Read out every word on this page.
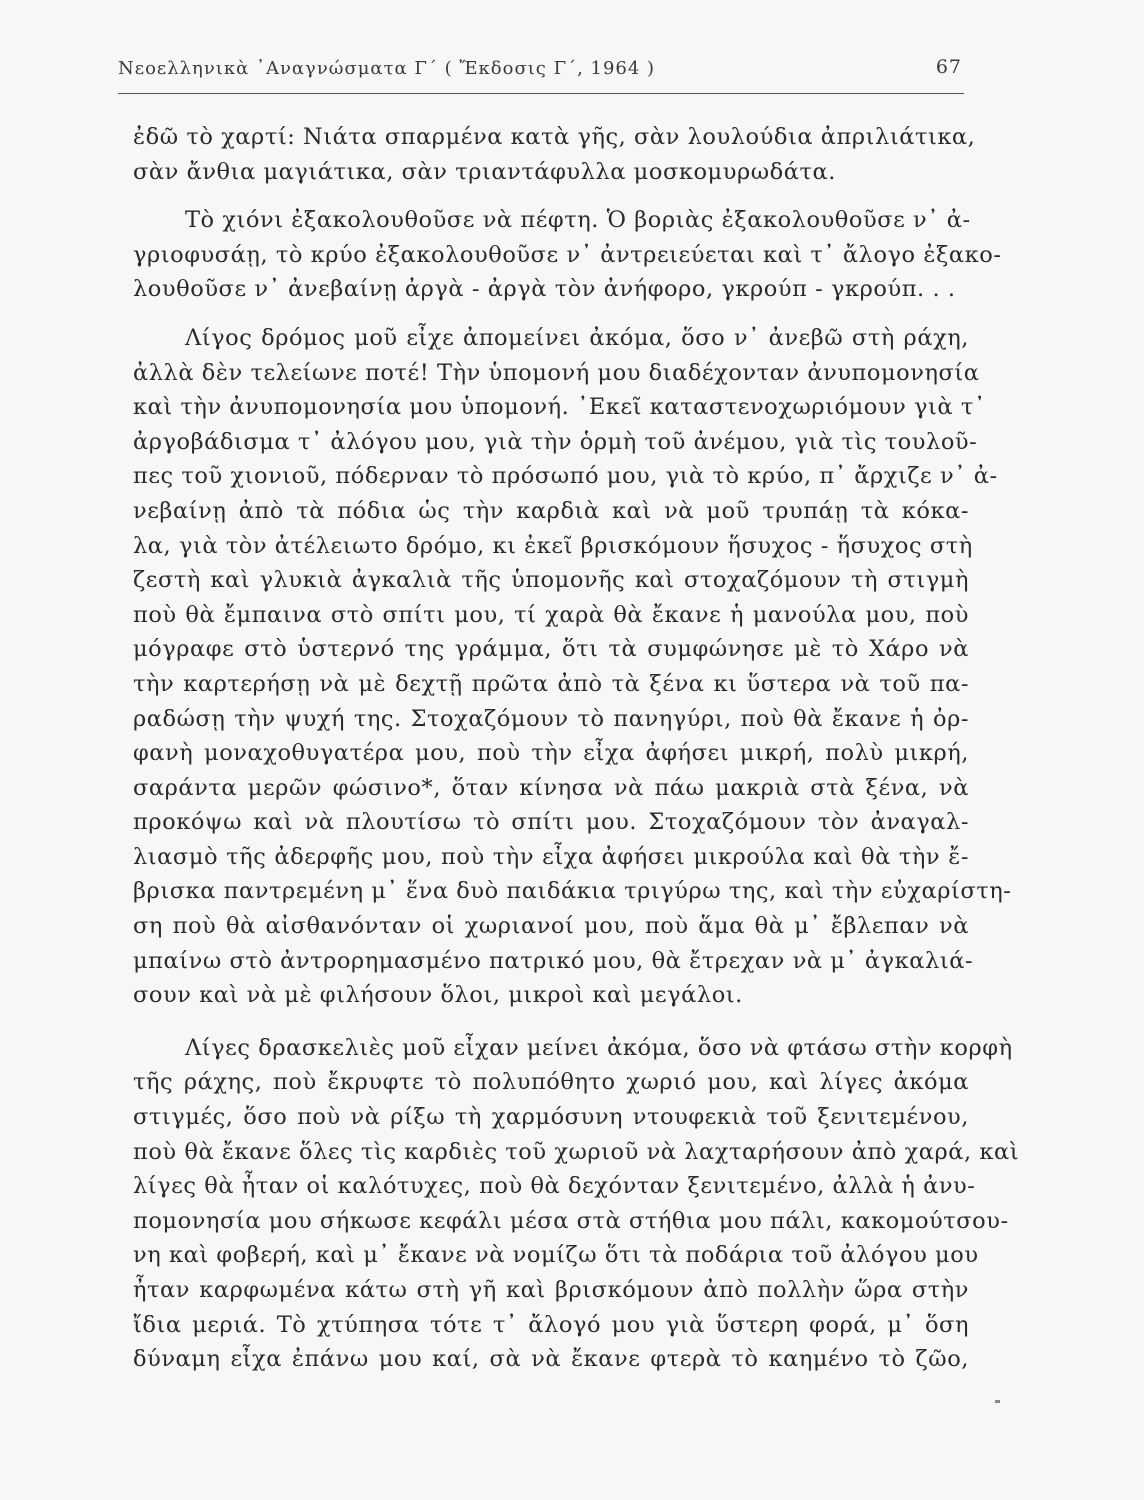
Νεοελληνικὰ ᾿Αναγνώσματα Γ΄ ( Ἔκδοσις Γ΄, 1964 )	67
ἐδῶ τὸ χαρτί: Νιάτα σπαρμένα κατὰ γῆς, σὰν λουλούδια ἀπριλιάτικα,
σὰν ἄνθια μαγιάτικα, σὰν τριαντάφυλλα μοσκομυρωδάτα.
Τὸ χιόνι ἐξακολουθοῦσε νὰ πέφτη. Ὁ βοριὰς ἐξακολουθοῦσε ν᾿ ἀ-
γριοφυσάῃ, τὸ κρύο ἐξακολουθοῦσε ν᾿ ἀντρειεύεται καὶ τ᾿ ἄλογο ἐξακο-
λουθοῦσε ν᾿ ἀνεβαίνῃ ἀργὰ - ἀργὰ τὸν ἀνήφορο, γκρούπ - γκρούπ. . .
Λίγος δρόμος μοῦ εἶχε ἀπομείνει ἀκόμα, ὅσο ν᾿ ἀνεβῶ στὴ ράχη,
ἀλλὰ δὲν τελείωνε ποτέ! Τὴν ὑπομονή μου διαδέχονταν ἀνυπομονησία
καὶ τὴν ἀνυπομονησία μου ὑπομονή. ᾿Εκεῖ καταστενοχωριόμουν γιὰ τ᾿
ἀργοβάδισμα τ᾿ ἀλόγου μου, γιὰ τὴν ὁρμὴ τοῦ ἀνέμου, γιὰ τὶς τουλοῦ-
πες τοῦ χιονιοῦ, πόδερναν τὸ πρόσωπό μου, γιὰ τὸ κρύο, π᾿ ἄρχιζε ν᾿ ἀ-
νεβαίνῃ ἀπὸ τὰ πόδια ὡς τὴν καρδιὰ καὶ νὰ μοῦ τρυπάῃ τὰ κόκα-
λα, γιὰ τὸν ἀτέλειωτο δρόμο, κι ἐκεῖ βρισκόμουν ἥσυχος - ἥσυχος στὴ
ζεστὴ καὶ γλυκιὰ ἀγκαλιὰ τῆς ὑπομονῆς καὶ στοχαζόμουν τὴ στιγμὴ
ποὺ θὰ ἔμπαινα στὸ σπίτι μου, τί χαρὰ θὰ ἔκανε ἡ μανούλα μου, ποὺ
μόγραφε στὸ ὑστερνό της γράμμα, ὅτι τὰ συμφώνησε μὲ τὸ Χάρο νὰ
τὴν καρτερήσῃ νὰ μὲ δεχτῇ πρῶτα ἀπὸ τὰ ξένα κι ὕστερα νὰ τοῦ πα-
ραδώσῃ τὴν ψυχή της. Στοχαζόμουν τὸ πανηγύρι, ποὺ θὰ ἔκανε ἡ ὀρ-
φανὴ μοναχοθυγατέρα μου, ποὺ τὴν εἶχα ἀφήσει μικρή, πολὺ μικρή,
σαράντα μερῶν φώσινο*, ὅταν κίνησα νὰ πάω μακριὰ στὰ ξένα, νὰ
προκόψω καὶ νὰ πλουτίσω τὸ σπίτι μου. Στοχαζόμουν τὸν ἀναγαλ-
λιασμὸ τῆς ἀδερφῆς μου, ποὺ τὴν εἶχα ἀφήσει μικρούλα καὶ θὰ τὴν ἔ-
βρισκα παντρεμένη μ᾿ ἕνα δυὸ παιδάκια τριγύρω της, καὶ τὴν εὐχαρίστη-
ση ποὺ θὰ αἰσθανόνταν οἱ χωριανοί μου, ποὺ ἅμα θὰ μ᾿ ἔβλεπαν νὰ
μπαίνω στὸ ἀντρορημασμένο πατρικό μου, θὰ ἔτρεχαν νὰ μ᾿ ἀγκαλιά-
σουν καὶ νὰ μὲ φιλήσουν ὅλοι, μικροὶ καὶ μεγάλοι.
Λίγες δρασκελιὲς μοῦ εἶχαν μείνει ἀκόμα, ὅσο νὰ φτάσω στὴν κορφὴ
τῆς ράχης, ποὺ ἔκρυφτε τὸ πολυπόθητο χωριό μου, καὶ λίγες ἀκόμα
στιγμές, ὅσο ποὺ νὰ ρίξω τὴ χαρμόσυνη ντουφεκιὰ τοῦ ξενιτεμένου,
ποὺ θὰ ἔκανε ὅλες τὶς καρδιὲς τοῦ χωριοῦ νὰ λαχταρήσουν ἀπὸ χαρά, καὶ
λίγες θὰ ἦταν οἱ καλότυχες, ποὺ θὰ δεχόνταν ξενιτεμένο, ἀλλὰ ἡ ἀνυ-
πομονησία μου σήκωσε κεφάλι μέσα στὰ στήθια μου πάλι, κακομούτσου-
νη καὶ φοβερή, καὶ μ᾿ ἔκανε νὰ νομίζω ὅτι τὰ ποδάρια τοῦ ἀλόγου μου
ἦταν καρφωμένα κάτω στὴ γῆ καὶ βρισκόμουν ἀπὸ πολλὴν ὥρα στὴν
ἴδια μεριά. Τὸ χτύπησα τότε τ᾿ ἄλογό μου γιὰ ὕστερη φορά, μ᾿ ὅση
δύναμη εἶχα ἐπάνω μου καί, σὰ νὰ ἔκανε φτερὰ τὸ καημένο τὸ ζῶο,
